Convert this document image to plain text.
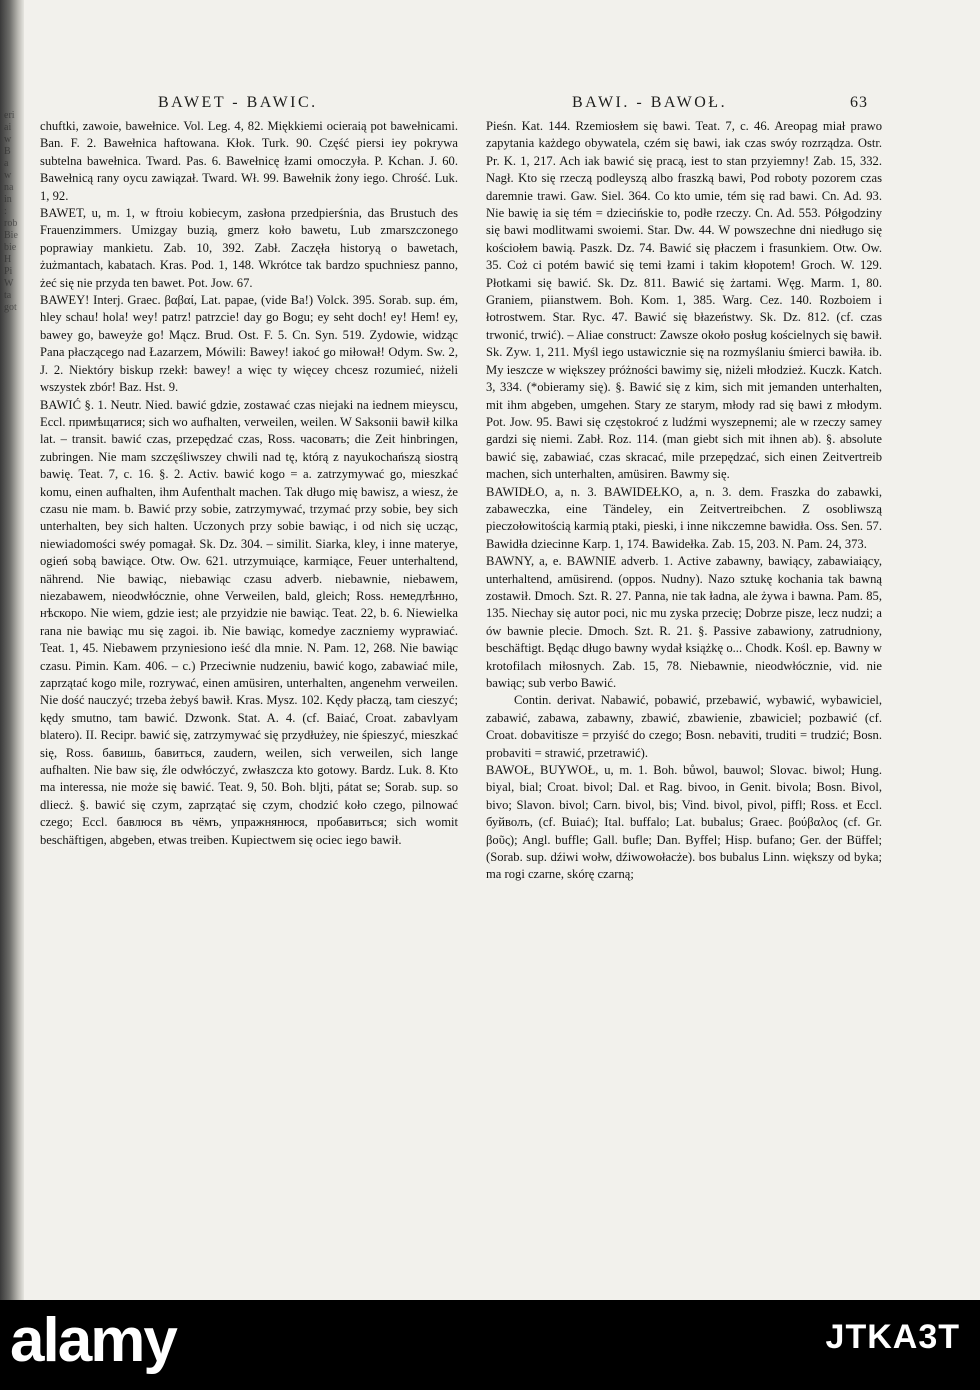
eri
ai
w
B
a
w
na
in
:
rob
Bie
bie
H
Pi
W
ta
got
BAWET - BAWIC.	BAWI. - BAWOŁ.	63

chuftki, zawoie, bawełnice. Vol. Leg. 4, 82. Miękkiemi ocieraią pot bawełnicami. Ban. F. 2. Bawełnica haftowana. Kłok. Turk. 90. Część piersi iey pokrywa subtelna bawełnica. Tward. Pas. 6. Bawełnicę łzami omoczyła. P. Kchan. J. 60. Bawełnicą rany oycu zawiązał. Tward. Wł. 99. Bawełnik żony iego. Chrość. Luk. 1, 92.

BAWET, u, m. 1, w ftroiu kobiecym, zasłona przedpierśnia, das Brustuch des Frauenzimmers. Umizgay buzią, gmerz koło bawetu, Lub zmarszczonego poprawiay mankietu. Zab. 10, 392. Zabł. Zaczęła historyą o bawetach, żużmantach, kabatach. Kras. Pod. 1, 148. Wkrótce tak bardzo spuchniesz panno, żeć się nie przyda ten bawet. Pot. Jow. 67.

BAWEY! Interj. Graec. βαβαί, Lat. papae, (vide Ba!) Volck. 395. Sorab. sup. ém, hley schau! hola! wey! patrz! patrzcie! day go Bogu; ey seht doch! ey! Hem! ey, bawey go, baweyże go! Mącz. Brud. Ost. F. 5. Cn. Syn. 519. Zydowie, widząc Pana płaczącego nad Łazarzem, Mówili: Bawey! iakoć go miłował! Odym. Sw. 2, J. 2. Niektóry biskup rzekł: bawey! a więc ty więcey chcesz rozumieć, niżeli wszystek zbór! Baz. Hst. 9.

BAWIĆ §. 1. Neutr. Nied. bawić gdzie, zostawać czas niejaki na iednem mieyscu, Eccl. примѣщатися; sich wo aufhalten, verweilen, weilen. W Saksonii bawił kilka lat. – transit. bawić czas, przepędzać czas, Ross. часовать; die Zeit hinbringen, zubringen. Nie mam szczęśliwszey chwili nad tę, którą z nayukochańszą siostrą bawię. Teat. 7, c. 16. §. 2. Activ. bawić kogo = a. zatrzymywać go, mieszkać komu, einen aufhalten, ihm Aufenthalt machen. Tak długo mię bawisz, a wiesz, że czasu nie mam. b. Bawić przy sobie, zatrzymywać, trzymać przy sobie, bey sich unterhalten, bey sich halten. Uczonych przy sobie bawiąc, i od nich się ucząc, niewiadomości swéy pomagał. Sk. Dz. 304. – similit. Siarka, kley, i inne materye, ogień sobą bawiące. Otw. Ow. 621. utrzymuiące, karmiące, Feuer unterhaltend, nährend. Nie bawiąc, niebawiąc czasu adverb. niebawnie, niebawem, niezabawem, nieodwłócznie, ohne Verweilen, bald, gleich; Ross. немедлѣнно, нѣскоро. Nie wiem, gdzie iest; ale przyidzie nie bawiąc. Teat. 22, b. 6. Niewielka rana nie bawiąc mu się zagoi. ib. Nie bawiąc, komedye zaczniemy wyprawiać. Teat. 1, 45. Niebawem przyniesiono ieść dla mnie. N. Pam. 12, 268. Nie bawiąc czasu. Pimin. Kam. 406. – c.) Przeciwnie nudzeniu, bawić kogo, zabawiać mile, zaprzątać kogo mile, rozrywać, einen amüsiren, unterhalten, angenehm verweilen. Nie dość nauczyć; trzeba żebyś bawił. Kras. Mysz. 102. Kędy płaczą, tam cieszyć; kędy smutno, tam bawić. Dzwonk. Stat. A. 4. (cf. Baiać, Croat. zabavlyam blatero). II. Recipr. bawić się, zatrzymywać się przydłużey, nie śpieszyć, mieszkać się, Ross. бавишь, бавиться, zaudern, weilen, sich verweilen, sich lange aufhalten. Nie baw się, źle odwłóczyć, zwłaszcza kto gotowy. Bardz. Luk. 8. Kto ma interessa, nie może się bawić. Teat. 9, 50. Boh. bljti, pátat se; Sorab. sup. so dliecż. §. bawić się czym, zaprzątać się czym, chodzić koło czego, pilnować czego; Eccl. бавлюся въ чёмъ, упражнянюся, пробавиться; sich womit beschäftigen, abgeben, etwas treiben. Kupiectwem się ociec iego bawił.

Pieśn. Kat. 144. Rzemiosłem się bawi. Teat. 7, c. 46. Areopag miał prawo zapytania każdego obywatela, czém się bawi, iak czas swóy rozrządza. Ostr. Pr. K. 1, 217. Ach iak bawić się pracą, iest to stan przyiemny! Zab. 15, 332. Nagł. Kto się rzeczą podleyszą albo fraszką bawi, Pod roboty pozorem czas daremnie trawi. Gaw. Siel. 364. Co kto umie, tém się rad bawi. Cn. Ad. 93. Nie bawię ia się tém = dziecińskie to, podłe rzeczy. Cn. Ad. 553. Półgodziny się bawi modlitwami swoiemi. Star. Dw. 44. W powszechne dni niedługo się kościołem bawią. Paszk. Dz. 74. Bawić się płaczem i frasunkiem. Otw. Ow. 35. Coż ci potém bawić się temi łzami i takim kłopotem! Groch. W. 129. Płotkami się bawić. Sk. Dz. 811. Bawić się żartami. Węg. Marm. 1, 80. Graniem, piianstwem. Boh. Kom. 1, 385. Warg. Cez. 140. Rozboiem i łotrostwem. Star. Ryc. 47. Bawić się błazeństwy. Sk. Dz. 812. (cf. czas trwonić, trwić). – Aliae construct: Zawsze około posług kościelnych się bawił. Sk. Zyw. 1, 211. Myśl iego ustawicznie się na rozmyślaniu śmierci bawiła. ib. My ieszcze w większey próżności bawimy się, niżeli młodzież. Kuczk. Katch. 3, 334. (*obieramy się). §. Bawić się z kim, sich mit jemanden unterhalten, mit ihm abgeben, umgehen. Stary ze starym, młody rad się bawi z młodym. Pot. Jow. 95. Bawi się częstokroć z ludźmi wyszepnemi; ale w rzeczy samey gardzi się niemi. Zabł. Roz. 114. (man giebt sich mit ihnen ab). §. absolute bawić się, zabawiać, czas skracać, mile przepędzać, sich einen Zeitvertreib machen, sich unterhalten, amüsiren. Bawmy się.

BAWIDŁO, a, n. 3. BAWIDEŁKO, a, n. 3. dem. Fraszka do zabawki, zabaweczka, eine Tändeley, ein Zeitvertreibchen. Z osobliwszą pieczołowitością karmią ptaki, pieski, i inne nikczemne bawidła. Oss. Sen. 57. Bawidła dziecinne Karp. 1, 174. Bawidełka. Zab. 15, 203. N. Pam. 24, 373.

BAWNY, a, e. BAWNIE adverb. 1. Active zabawny, bawiący, zabawiaiący, unterhaltend, amüsirend. (oppos. Nudny). Nazo sztukę kochania tak bawną zostawił. Dmoch. Szt. R. 27. Panna, nie tak ładna, ale żywa i bawna. Pam. 85, 135. Niechay się autor poci, nic mu zyska przecię; Dobrze pisze, lecz nudzi; a ów bawnie plecie. Dmoch. Szt. R. 21. §. Passive zabawiony, zatrudniony, beschäftigt. Będąc długo bawny wydał książkę o... Chodk. Kośl. ep. Bawny w krotofilach miłosnych. Zab. 15, 78. Niebawnie, nieodwłócznie, vid. nie bawiąc; sub verbo Bawić.

Contin. derivat. Nabawić, pobawić, przebawić, wybawić, wybawiciel, zabawić, zabawa, zabawny, zbawić, zbawienie, zbawiciel; pozbawić (cf. Croat. dobavitisze = przyiść do czego; Bosn. nebaviti, truditi = trudzić; Bosn. probaviti = strawić, przetrawić).

BAWOŁ, BUYWOŁ, u, m. 1. Boh. bůwol, bauwol; Slovac. biwol; Hung. biyal, bial; Croat. bivol; Dal. et Rag. bivoo, in Genit. bivola; Bosn. Bivol, bivo; Slavon. bivol; Carn. bivol, bis; Vind. bivol, pivol, piffl; Ross. et Eccl. буйволъ, (cf. Buiać); Ital. buffalo; Lat. bubalus; Graec. βούβαλος (cf. Gr. βοῦς); Angl. buffle; Gall. bufle; Dan. Byffel; Hisp. bufano; Ger. der Büffel; (Sorab. sup. dźiwi wołw, dźiwowołacże). bos bubalus Linn. większy od byka; ma rogi czarne, skórę czarną;

alamy	JTKA3T
